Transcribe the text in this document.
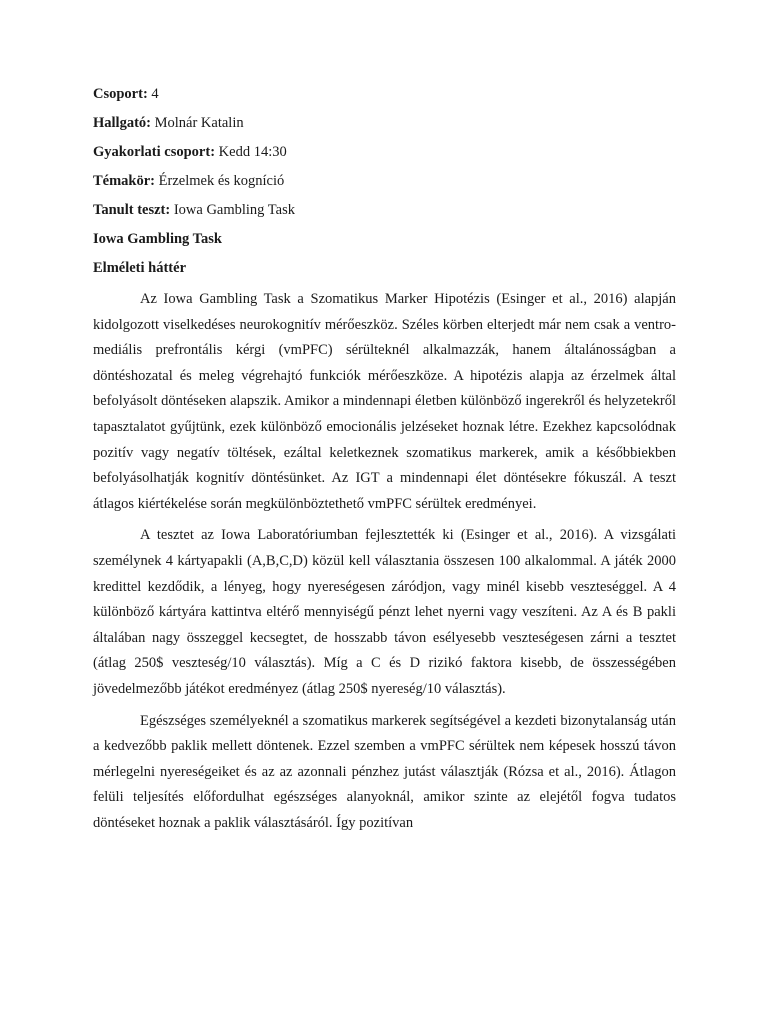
Csoport: 4
Hallgató: Molnár Katalin
Gyakorlati csoport: Kedd 14:30
Témakör: Érzelmek és kogníció
Tanult teszt: Iowa Gambling Task
Iowa Gambling Task
Elméleti háttér

Az Iowa Gambling Task a Szomatikus Marker Hipotézis (Esinger et al., 2016) alapján kidolgozott viselkedéses neurokognitív mérőeszköz. Széles körben elterjedt már nem csak a ventro-mediális prefrontális kérgi (vmPFC) sérülteknél alkalmazzák, hanem általánosságban a döntéshozatal és meleg végrehajtó funkciók mérőeszköze. A hipotézis alapja az érzelmek által befolyásolt döntéseken alapszik. Amikor a mindennapi életben különböző ingerekről és helyzetekről tapasztalatot gyűjtünk, ezek különböző emocionális jelzéseket hoznak létre. Ezekhez kapcsolódnak pozitív vagy negatív töltések, ezáltal keletkeznek szomatikus markerek, amik a későbbiekben befolyásolhatják kognitív döntésünket. Az IGT a mindennapi élet döntésekre fókuszál. A teszt átlagos kiértékelése során megkülönböztethető vmPFC sérültek eredményei.

A tesztet az Iowa Laboratóriumban fejlesztették ki (Esinger et al., 2016). A vizsgálati személynek 4 kártyapakli (A,B,C,D) közül kell választania összesen 100 alkalommal. A játék 2000 kredittel kezdődik, a lényeg, hogy nyereségesen záródjon, vagy minél kisebb veszteséggel. A 4 különböző kártyára kattintva eltérő mennyiségű pénzt lehet nyerni vagy veszíteni. Az A és B pakli általában nagy összeggel kecsegtet, de hosszabb távon esélyesebb veszteségesen zárni a tesztet (átlag 250$ veszteség/10 választás). Míg a C és D rizikó faktora kisebb, de összességében jövedelmezőbb játékot eredményez (átlag 250$ nyereség/10 választás).

Egészséges személyeknél a szomatikus markerek segítségével a kezdeti bizonytalanság után a kedvezőbb paklik mellett döntenek. Ezzel szemben a vmPFC sérültek nem képesek hosszú távon mérlegelni nyereségeiket és az az azonnali pénzhez jutást választják (Rózsa et al., 2016). Átlagon felüli teljesítés előfordulhat egészséges alanyoknál, amikor szinte az elejétől fogva tudatos döntéseket hoznak a paklik választásáról. Így pozitívan
